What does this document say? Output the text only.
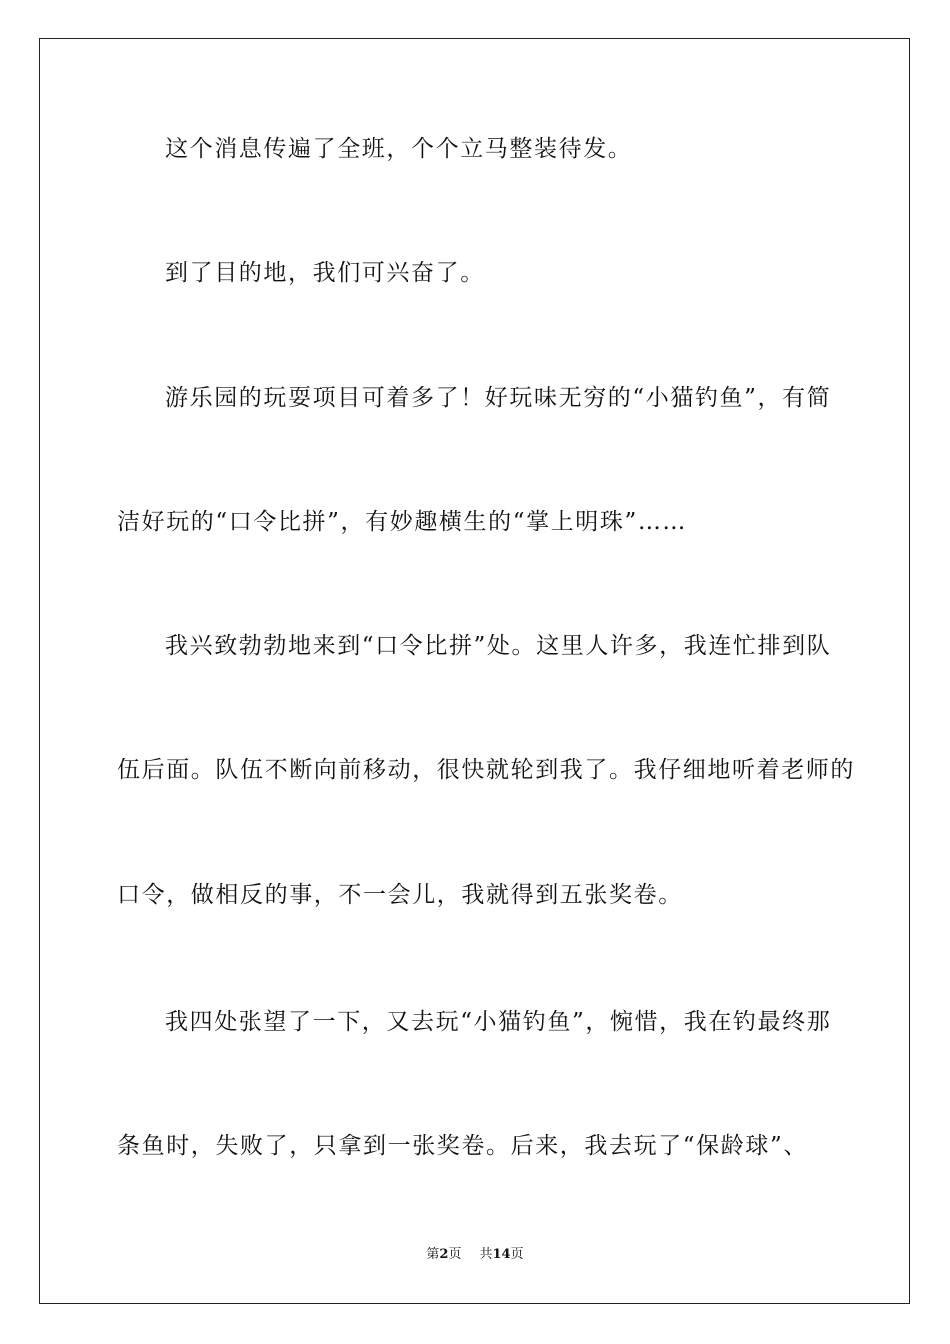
这个消息传遍了全班，个个立马整装待发。
到了目的地，我们可兴奋了。
游乐园的玩耍项目可着多了！好玩味无穷的“小猫钓鱼”，有简
洁好玩的“口令比拼”，有妙趣横生的“掌上明珠”……
我兴致勃勃地来到“口令比拼”处。这里人许多，我连忙排到队
伍后面。队伍不断向前移动，很快就轮到我了。我仔细地听着老师的
口令，做相反的事，不一会儿，我就得到五张奖卷。
我四处张望了一下，又去玩“小猫钓鱼”，惋惜，我在钓最终那
条鱼时，失败了，只拿到一张奖卷。后来，我去玩了“保龄球”、
第2页 共14页
